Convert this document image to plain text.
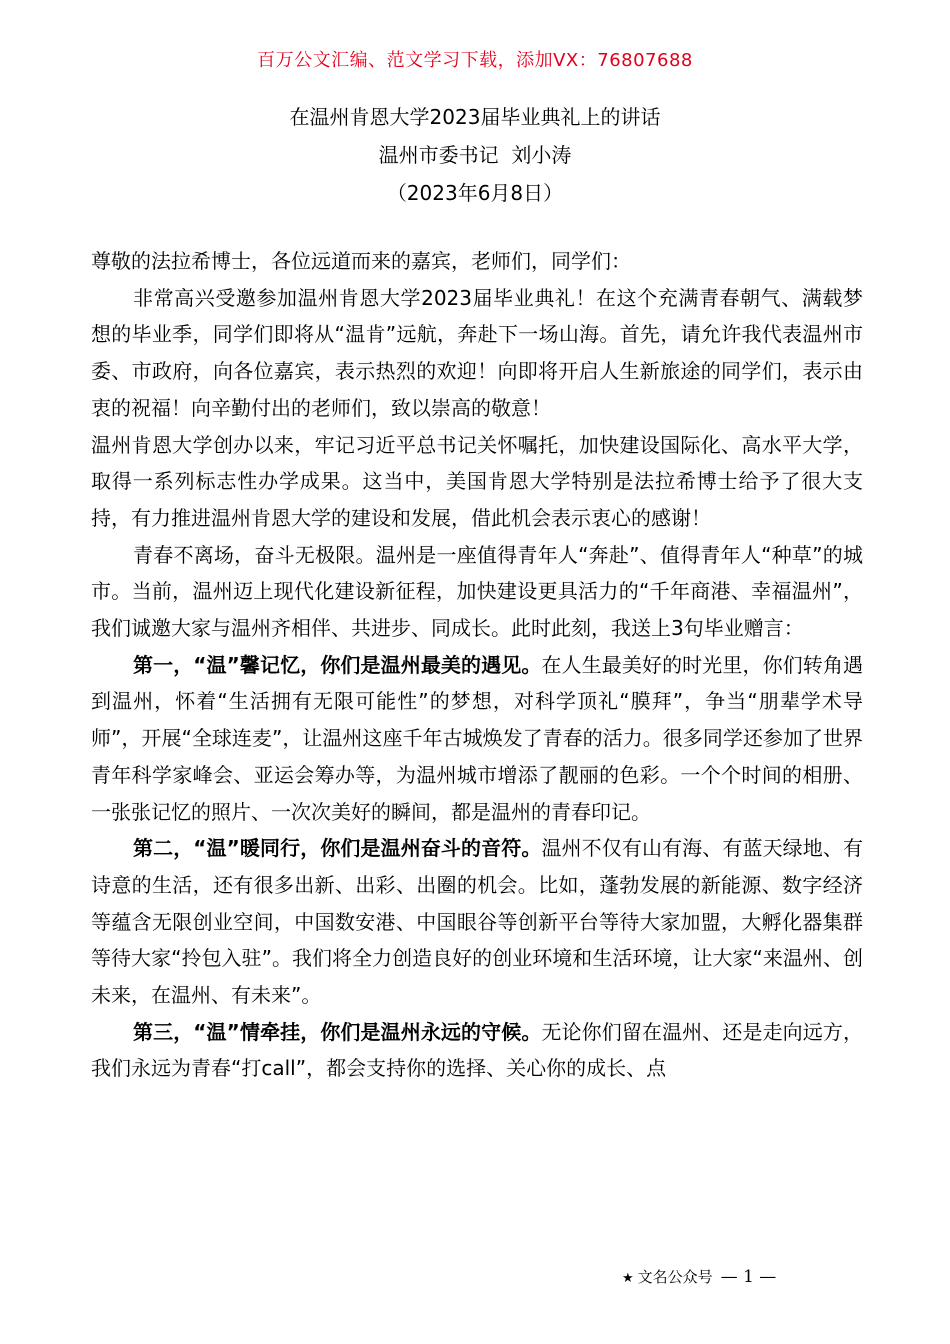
百万公文汇编、范文学习下载，添加VX：76807688
在温州肯恩大学2023届毕业典礼上的讲话
温州市委书记  刘小涛
（2023年6月8日）

尊敬的法拉希博士，各位远道而来的嘉宾，老师们，同学们：

非常高兴受邀参加温州肯恩大学2023届毕业典礼！在这个充满青春朝气、满载梦想的毕业季，同学们即将从“温肯”远航，奔赴下一场山海。首先，请允许我代表温州市委、市政府，向各位嘉宾，表示热烈的欢迎！向即将开启人生新旅途的同学们，表示由衷的祝福！向辛勤付出的老师们，致以崇高的敬意！

温州肯恩大学创办以来，牢记习近平总书记关怀嘱托，加快建设国际化、高水平大学，取得一系列标志性办学成果。这当中，美国肯恩大学特别是法拉希博士给予了很大支持，有力推进温州肯恩大学的建设和发展，借此机会表示衷心的感谢！

青春不离场，奋斗无极限。温州是一座值得青年人“奔赴”、值得青年人“种草”的城市。当前，温州迈上现代化建设新征程，加快建设更具活力的“千年商港、幸福温州”，我们诚邀大家与温州齐相伴、共进步、同成长。此时此刻，我送上3句毕业赠言：

第一，“温”馨记忆，你们是温州最美的遇见。在人生最美好的时光里，你们转角遇到温州，怀着“生活拥有无限可能性”的梦想，对科学顶礼“膜拜”，争当“朋辈学术导师”，开展“全球连麦”，让温州这座千年古城焕发了青春的活力。很多同学还参加了世界青年科学家峰会、亚运会筹办等，为温州城市增添了靓丽的色彩。一个个时间的相册、一张张记忆的照片、一次次美好的瞬间，都是温州的青春印记。

第二，“温”暖同行，你们是温州奋斗的音符。温州不仅有山有海、有蓝天绿地、有诗意的生活，还有很多出新、出彩、出圈的机会。比如，蓬勃发展的新能源、数字经济等蕴含无限创业空间，中国数安港、中国眼谷等创新平台等待大家加盟，大孵化器集群等待大家“拎包入驻”。我们将全力创造良好的创业环境和生活环境，让大家“来温州、创未来，在温州、有未来”。

第三，“温”情牵挂，你们是温州永远的守候。无论你们留在温州、还是走向远方，我们永远为青春“打call”，都会支持你的选择、关心你的成长、点

★ 文名公众号 — 1 —
